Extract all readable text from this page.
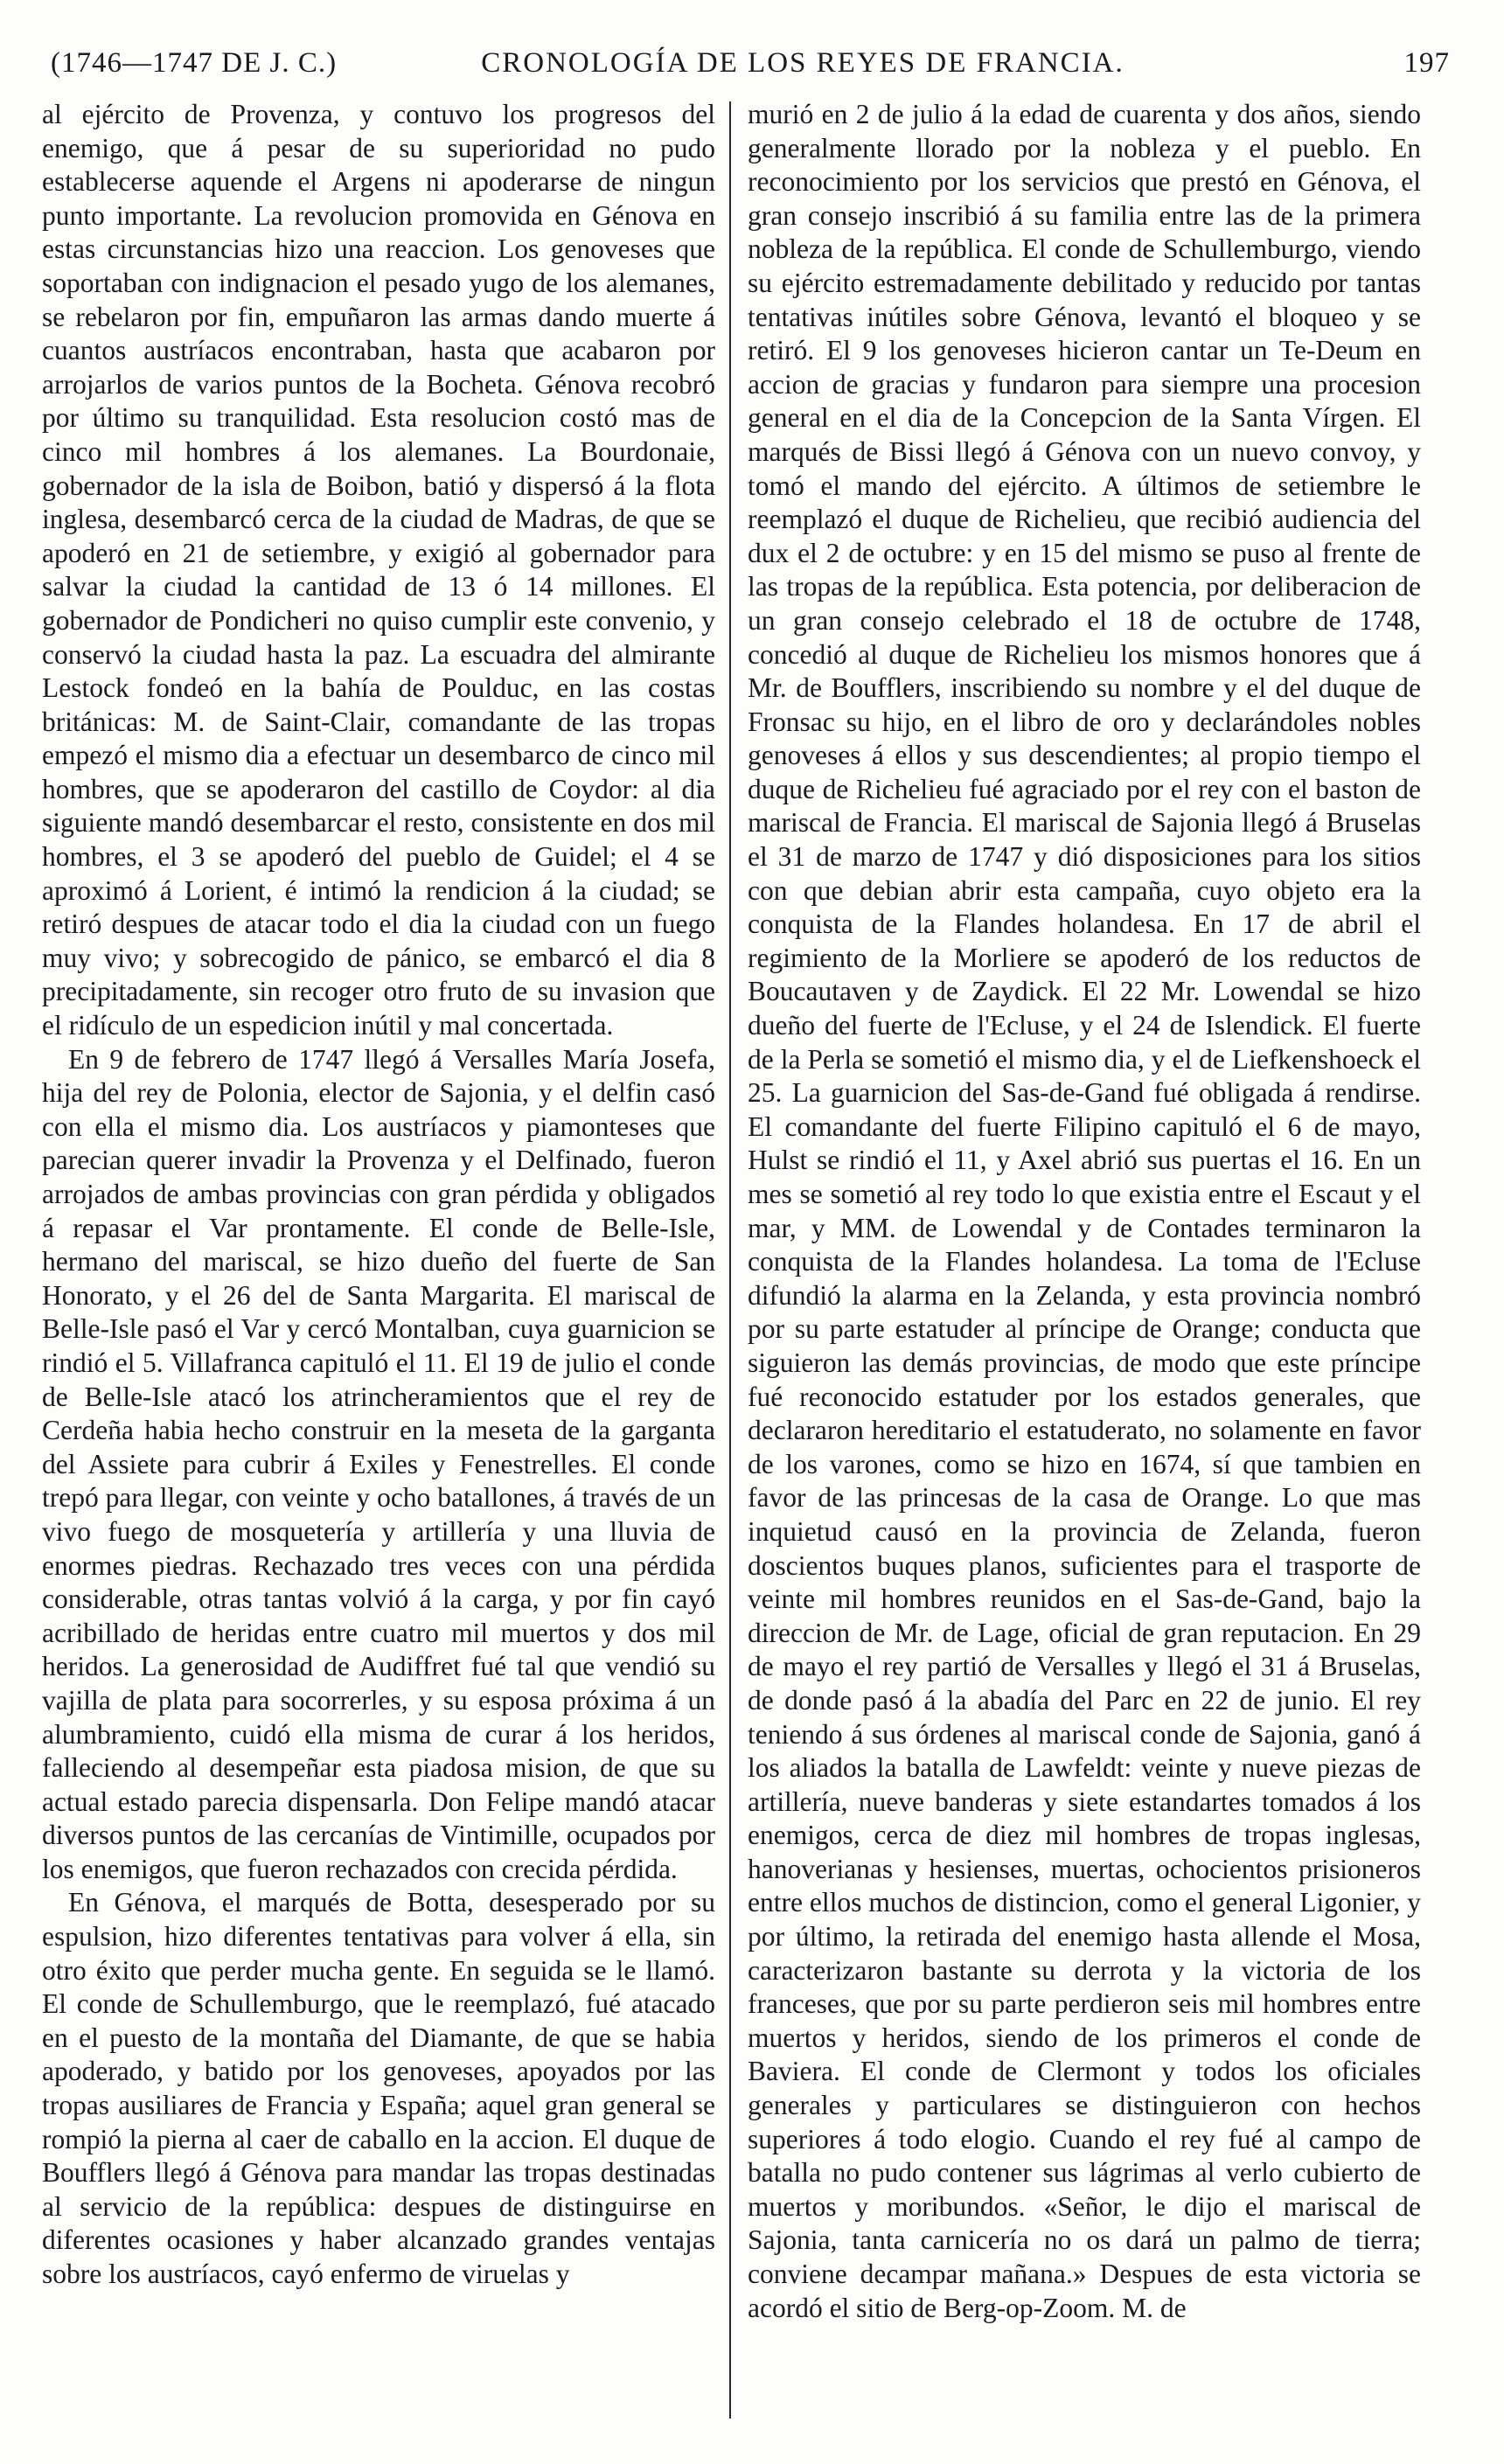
(1746—1747 DE J. C.)	CRONOLOGÍA DE LOS REYES DE FRANCIA.	197

al ejército de Provenza, y contuvo los progresos del enemigo, que á pesar de su superioridad no pudo establecerse aquende el Argens ni apoderarse de ningun punto importante. La revolucion promovida en Génova en estas circunstancias hizo una reaccion. Los genoveses que soportaban con indignacion el pesado yugo de los alemanes, se rebelaron por fin, empuñaron las armas dando muerte á cuantos austríacos encontraban, hasta que acabaron por arrojarlos de varios puntos de la Bocheta. Génova recobró por último su tranquilidad. Esta resolucion costó mas de cinco mil hombres á los alemanes. La Bourdonaie, gobernador de la isla de Boibon, batió y dispersó á la flota inglesa, desembarcó cerca de la ciudad de Madras, de que se apoderó en 21 de setiembre, y exigió al gobernador para salvar la ciudad la cantidad de 13 ó 14 millones. El gobernador de Pondicheri no quiso cumplir este convenio, y conservó la ciudad hasta la paz. La escuadra del almirante Lestock fondeó en la bahía de Poulduc, en las costas británicas: M. de Saint-Clair, comandante de las tropas empezó el mismo dia a efectuar un desembarco de cinco mil hombres, que se apoderaron del castillo de Coydor: al dia siguiente mandó desembarcar el resto, consistente en dos mil hombres, el 3 se apoderó del pueblo de Guidel; el 4 se aproximó á Lorient, é intimó la rendicion á la ciudad; se retiró despues de atacar todo el dia la ciudad con un fuego muy vivo; y sobrecogido de pánico, se embarcó el dia 8 precipitadamente, sin recoger otro fruto de su invasion que el ridículo de un espedicion inútil y mal concertada.

En 9 de febrero de 1747 llegó á Versalles María Josefa, hija del rey de Polonia, elector de Sajonia, y el delfin casó con ella el mismo dia. Los austríacos y piamonteses que parecian querer invadir la Provenza y el Delfinado, fueron arrojados de ambas provincias con gran pérdida y obligados á repasar el Var prontamente. El conde de Belle-Isle, hermano del mariscal, se hizo dueño del fuerte de San Honorato, y el 26 del de Santa Margarita. El mariscal de Belle-Isle pasó el Var y cercó Montalban, cuya guarnicion se rindió el 5. Villafranca capituló el 11. El 19 de julio el conde de Belle-Isle atacó los atrincheramientos que el rey de Cerdeña habia hecho construir en la meseta de la garganta del Assiete para cubrir á Exiles y Fenestrelles. El conde trepó para llegar, con veinte y ocho batallones, á través de un vivo fuego de mosquetería y artillería y una lluvia de enormes piedras. Rechazado tres veces con una pérdida considerable, otras tantas volvió á la carga, y por fin cayó acribillado de heridas entre cuatro mil muertos y dos mil heridos. La generosidad de Audiffret fué tal que vendió su vajilla de plata para socorrerles, y su esposa próxima á un alumbramiento, cuidó ella misma de curar á los heridos, falleciendo al desempeñar esta piadosa mision, de que su actual estado parecia dispensarla. Don Felipe mandó atacar diversos puntos de las cercanías de Vintimille, ocupados por los enemigos, que fueron rechazados con crecida pérdida.

En Génova, el marqués de Botta, desesperado por su espulsion, hizo diferentes tentativas para volver á ella, sin otro éxito que perder mucha gente. En seguida se le llamó. El conde de Schullemburgo, que le reemplazó, fué atacado en el puesto de la montaña del Diamante, de que se habia apoderado, y batido por los genoveses, apoyados por las tropas ausiliares de Francia y España; aquel gran general se rompió la pierna al caer de caballo en la accion. El duque de Boufflers llegó á Génova para mandar las tropas destinadas al servicio de la república: despues de distinguirse en diferentes ocasiones y haber alcanzado grandes ventajas sobre los austríacos, cayó enfermo de viruelas y

murió en 2 de julio á la edad de cuarenta y dos años, siendo generalmente llorado por la nobleza y el pueblo. En reconocimiento por los servicios que prestó en Génova, el gran consejo inscribió á su familia entre las de la primera nobleza de la república. El conde de Schullemburgo, viendo su ejército estremadamente debilitado y reducido por tantas tentativas inútiles sobre Génova, levantó el bloqueo y se retiró. El 9 los genoveses hicieron cantar un Te-Deum en accion de gracias y fundaron para siempre una procesion general en el dia de la Concepcion de la Santa Vírgen. El marqués de Bissi llegó á Génova con un nuevo convoy, y tomó el mando del ejército. A últimos de setiembre le reemplazó el duque de Richelieu, que recibió audiencia del dux el 2 de octubre: y en 15 del mismo se puso al frente de las tropas de la república. Esta potencia, por deliberacion de un gran consejo celebrado el 18 de octubre de 1748, concedió al duque de Richelieu los mismos honores que á Mr. de Boufflers, inscribiendo su nombre y el del duque de Fronsac su hijo, en el libro de oro y declarándoles nobles genoveses á ellos y sus descendientes; al propio tiempo el duque de Richelieu fué agraciado por el rey con el baston de mariscal de Francia. El mariscal de Sajonia llegó á Bruselas el 31 de marzo de 1747 y dió disposiciones para los sitios con que debian abrir esta campaña, cuyo objeto era la conquista de la Flandes holandesa. En 17 de abril el regimiento de la Morliere se apoderó de los reductos de Boucautaven y de Zaydick. El 22 Mr. Lowendal se hizo dueño del fuerte de l'Ecluse, y el 24 de Islendick. El fuerte de la Perla se sometió el mismo dia, y el de Liefkenshoeck el 25. La guarnicion del Sas-de-Gand fué obligada á rendirse. El comandante del fuerte Filipino capituló el 6 de mayo, Hulst se rindió el 11, y Axel abrió sus puertas el 16. En un mes se sometió al rey todo lo que existia entre el Escaut y el mar, y MM. de Lowendal y de Contades terminaron la conquista de la Flandes holandesa. La toma de l'Ecluse difundió la alarma en la Zelanda, y esta provincia nombró por su parte estatuder al príncipe de Orange; conducta que siguieron las demás provincias, de modo que este príncipe fué reconocido estatuder por los estados generales, que declararon hereditario el estatuderato, no solamente en favor de los varones, como se hizo en 1674, sí que tambien en favor de las princesas de la casa de Orange. Lo que mas inquietud causó en la provincia de Zelanda, fueron doscientos buques planos, suficientes para el trasporte de veinte mil hombres reunidos en el Sas-de-Gand, bajo la direccion de Mr. de Lage, oficial de gran reputacion. En 29 de mayo el rey partió de Versalles y llegó el 31 á Bruselas, de donde pasó á la abadía del Parc en 22 de junio. El rey teniendo á sus órdenes al mariscal conde de Sajonia, ganó á los aliados la batalla de Lawfeldt: veinte y nueve piezas de artillería, nueve banderas y siete estandartes tomados á los enemigos, cerca de diez mil hombres de tropas inglesas, hanoverianas y hesienses, muertas, ochocientos prisioneros entre ellos muchos de distincion, como el general Ligonier, y por último, la retirada del enemigo hasta allende el Mosa, caracterizaron bastante su derrota y la victoria de los franceses, que por su parte perdieron seis mil hombres entre muertos y heridos, siendo de los primeros el conde de Baviera. El conde de Clermont y todos los oficiales generales y particulares se distinguieron con hechos superiores á todo elogio. Cuando el rey fué al campo de batalla no pudo contener sus lágrimas al verlo cubierto de muertos y moribundos. «Señor, le dijo el mariscal de Sajonia, tanta carnicería no os dará un palmo de tierra; conviene decampar mañana.» Despues de esta victoria se acordó el sitio de Berg-op-Zoom. M. de
